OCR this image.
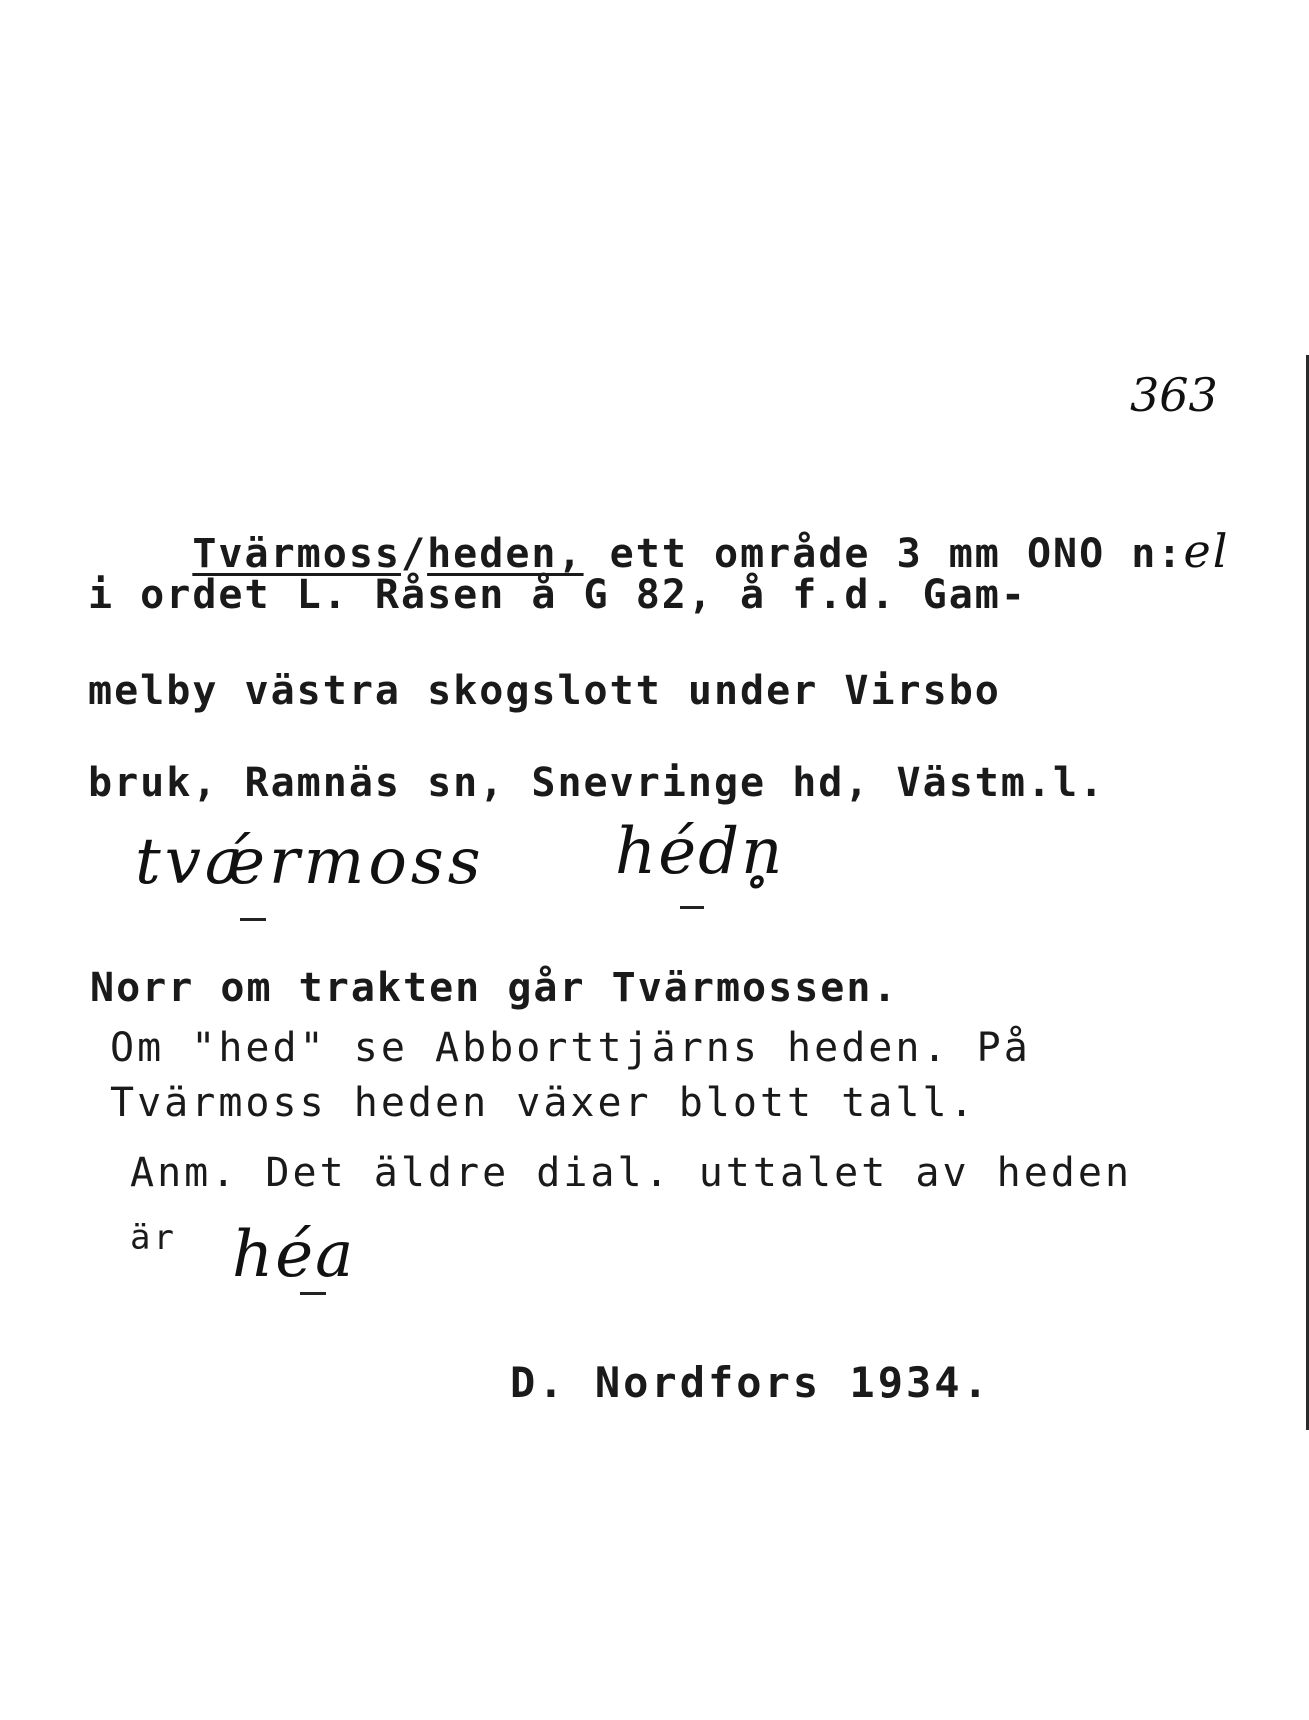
363

Tvärmoss/heden, ett område 3 mm ONO n:el

i ordet L. Råsen å G 82, å f.d. Gam-
melby västra skogslott under Virsbo
bruk, Ramnäs sn, Snevringe hd, Västm.l.
tvǽrmoss hédn̥
Norr om trakten går Tvärmossen.
Om "hed" se Abborttjärns heden. På
Tvärmoss heden växer blott tall.
Anm. Det äldre dial. uttalet av heden
är héa
D. Nordfors 1934.
